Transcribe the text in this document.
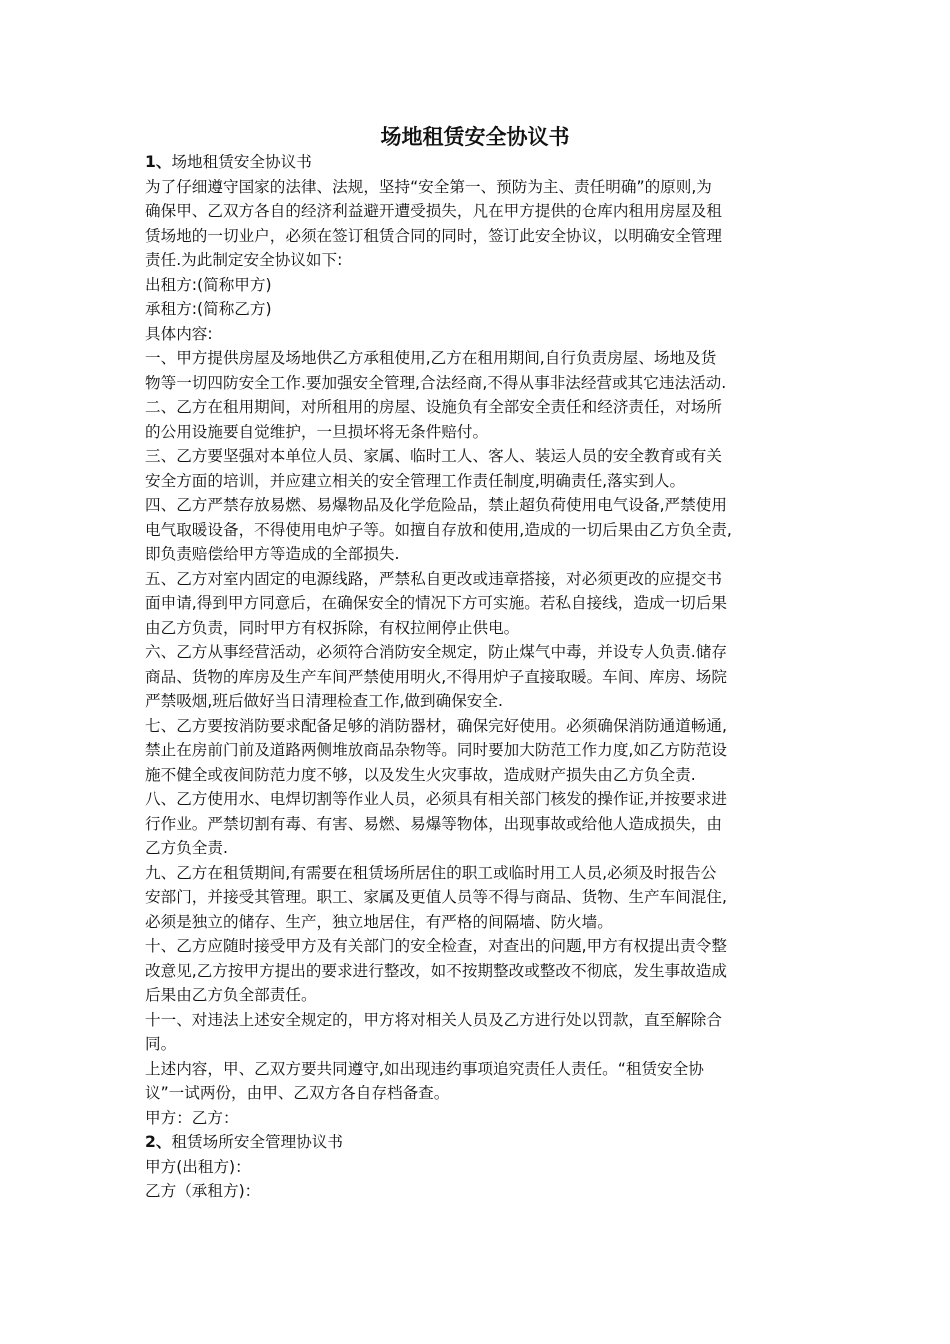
场地租赁安全协议书
1、场地租赁安全协议书
为了仔细遵守国家的法律、法规，坚持“安全第一、预防为主、责任明确”的原则,为
确保甲、乙双方各自的经济利益避开遭受损失，凡在甲方提供的仓库内租用房屋及租
赁场地的一切业户，必须在签订租赁合同的同时，签订此安全协议，以明确安全管理
责任.为此制定安全协议如下:
出租方:(简称甲方)
承租方:(简称乙方)
具体内容:
一、甲方提供房屋及场地供乙方承租使用,乙方在租用期间,自行负责房屋、场地及货
物等一切四防安全工作.要加强安全管理,合法经商,不得从事非法经营或其它违法活动.
二、乙方在租用期间，对所租用的房屋、设施负有全部安全责任和经济责任，对场所
的公用设施要自觉维护，一旦损坏将无条件赔付。
三、乙方要坚强对本单位人员、家属、临时工人、客人、装运人员的安全教育或有关
安全方面的培训，并应建立相关的安全管理工作责任制度,明确责任,落实到人。
四、乙方严禁存放易燃、易爆物品及化学危险品，禁止超负荷使用电气设备,严禁使用
电气取暖设备，不得使用电炉子等。如擅自存放和使用,造成的一切后果由乙方负全责,
即负责赔偿给甲方等造成的全部损失.
五、乙方对室内固定的电源线路，严禁私自更改或违章搭接，对必须更改的应提交书
面申请,得到甲方同意后，在确保安全的情况下方可实施。若私自接线，造成一切后果
由乙方负责，同时甲方有权拆除，有权拉闸停止供电。
六、乙方从事经营活动，必须符合消防安全规定，防止煤气中毒，并设专人负责.储存
商品、货物的库房及生产车间严禁使用明火,不得用炉子直接取暖。车间、库房、场院
严禁吸烟,班后做好当日清理检查工作,做到确保安全.
七、乙方要按消防要求配备足够的消防器材，确保完好使用。必须确保消防通道畅通,
禁止在房前门前及道路两侧堆放商品杂物等。同时要加大防范工作力度,如乙方防范设
施不健全或夜间防范力度不够，以及发生火灾事故，造成财产损失由乙方负全责.
八、乙方使用水、电焊切割等作业人员，必须具有相关部门核发的操作证,并按要求进
行作业。严禁切割有毒、有害、易燃、易爆等物体，出现事故或给他人造成损失，由
乙方负全责.
九、乙方在租赁期间,有需要在租赁场所居住的职工或临时用工人员,必须及时报告公
安部门，并接受其管理。职工、家属及更值人员等不得与商品、货物、生产车间混住,
必须是独立的储存、生产，独立地居住，有严格的间隔墙、防火墙。
十、乙方应随时接受甲方及有关部门的安全检查，对查出的问题,甲方有权提出责令整
改意见,乙方按甲方提出的要求进行整改，如不按期整改或整改不彻底，发生事故造成
后果由乙方负全部责任。
十一、对违法上述安全规定的，甲方将对相关人员及乙方进行处以罚款，直至解除合
同。
上述内容，甲、乙双方要共同遵守,如出现违约事项追究责任人责任。“租赁安全协
议”一试两份，由甲、乙双方各自存档备查。
甲方：乙方：
2、租赁场所安全管理协议书
甲方(出租方)：
乙方（承租方)：
